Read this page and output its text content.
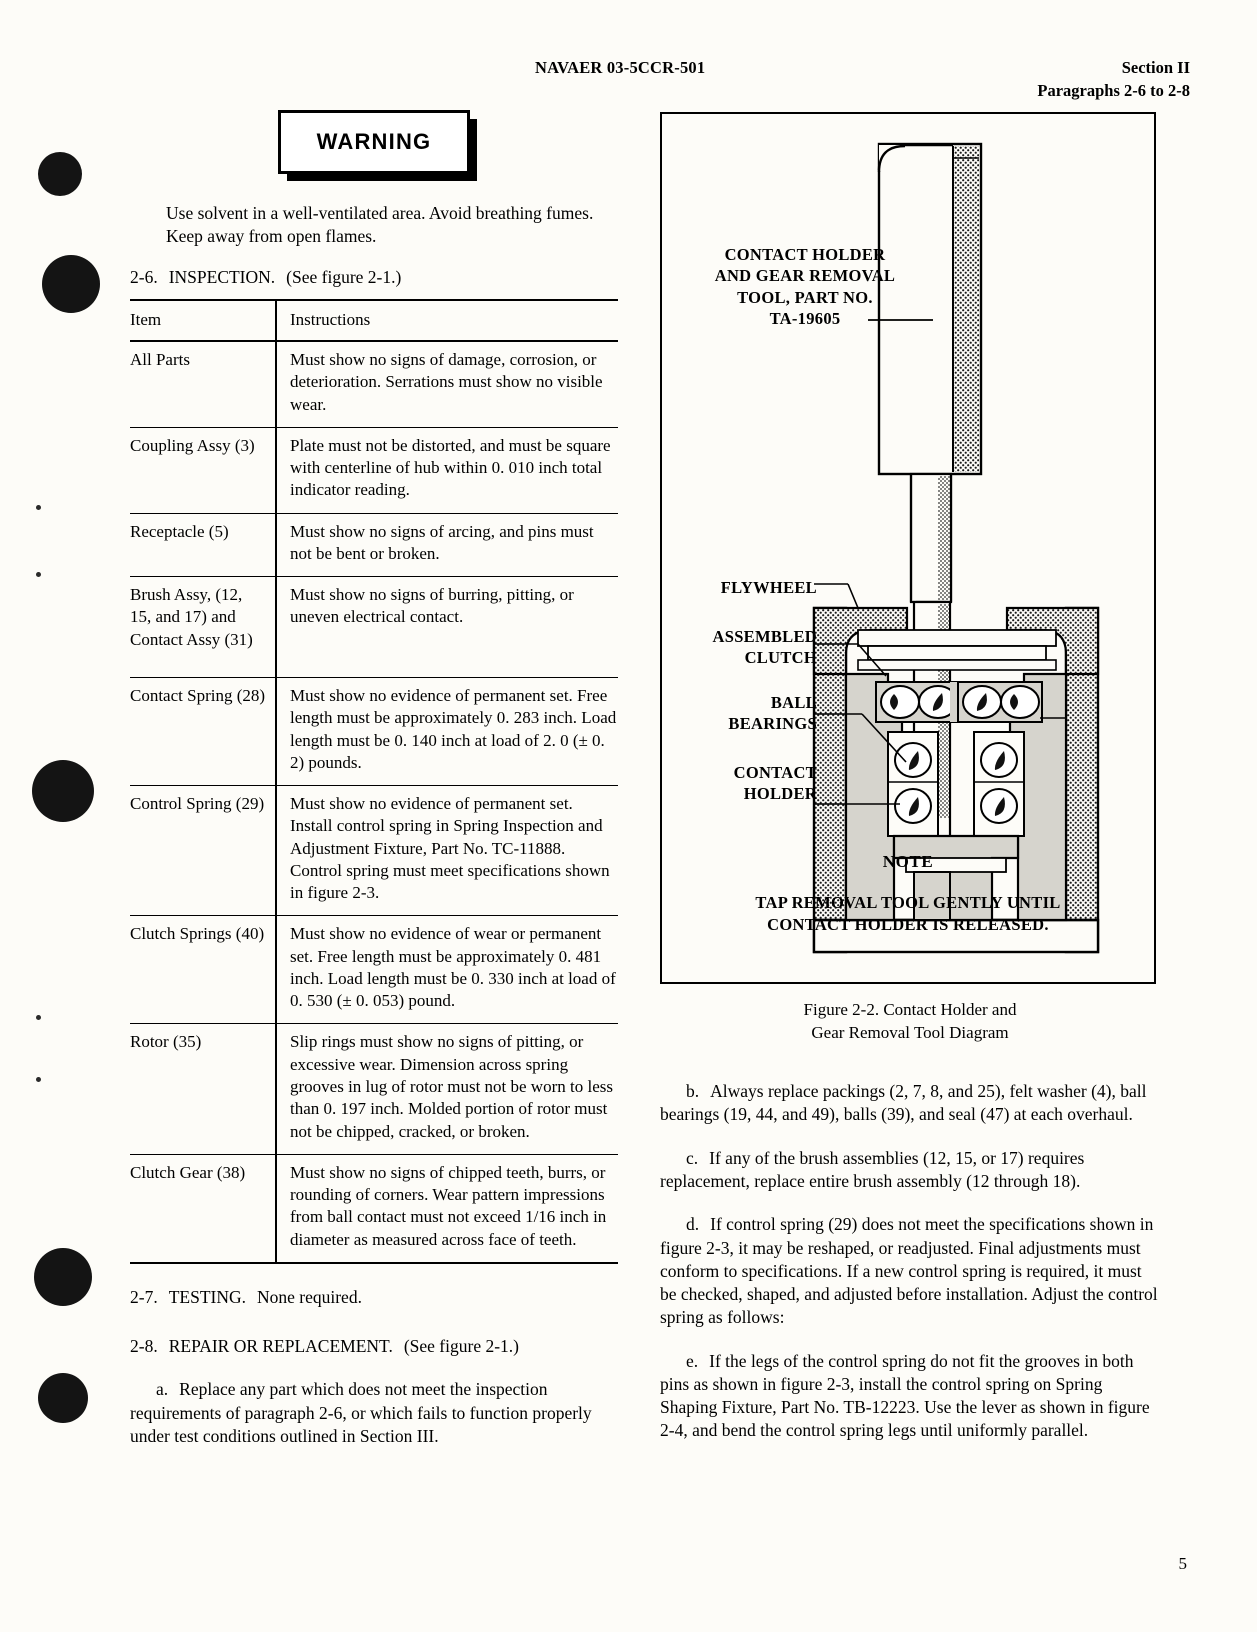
NAVAER 03-5CCR-501	Section II
Paragraphs 2-6 to 2-8
WARNING
Use solvent in a well-ventilated area. Avoid breathing fumes. Keep away from open flames.
2-6. INSPECTION. (See figure 2-1.)
Item	Instructions
All Parts	Must show no signs of damage, corrosion, or deterioration. Serrations must show no visible wear.
Coupling Assy (3)	Plate must not be distorted, and must be square with centerline of hub within 0. 010 inch total indicator reading.
Receptacle (5)	Must show no signs of arcing, and pins must not be bent or broken.
Brush Assy, (12, 15, and 17) and Contact Assy (31)	Must show no signs of burring, pitting, or uneven electrical contact.
Contact Spring (28)	Must show no evidence of permanent set. Free length must be approximately 0. 283 inch. Load length must be 0. 140 inch at load of 2. 0 (± 0. 2) pounds.
Control Spring (29)	Must show no evidence of permanent set. Install control spring in Spring Inspection and Adjustment Fixture, Part No. TC-11888. Control spring must meet specifications shown in figure 2-3.
Clutch Springs (40)	Must show no evidence of wear or permanent set. Free length must be approximately 0. 481 inch. Load length must be 0. 330 inch at load of 0. 530 (± 0. 053) pound.
Rotor (35)	Slip rings must show no signs of pitting, or excessive wear. Dimension across spring grooves in lug of rotor must not be worn to less than 0. 197 inch. Molded portion of rotor must not be chipped, cracked, or broken.
Clutch Gear (38)	Must show no signs of chipped teeth, burrs, or rounding of corners. Wear pattern impressions from ball contact must not exceed 1/16 inch in diameter as measured across face of teeth.
2-7. TESTING. None required.
2-8. REPAIR OR REPLACEMENT. (See figure 2-1.)
a. Replace any part which does not meet the inspection requirements of paragraph 2-6, or which fails to function properly under test conditions outlined in Section III.
CONTACT HOLDER
AND GEAR REMOVAL
TOOL, PART NO.
TA-19605
FLYWHEEL
ASSEMBLED
CLUTCH
BALL
BEARINGS
CONTACT
HOLDER
NOTE
TAP REMOVAL TOOL GENTLY UNTIL
CONTACT HOLDER IS RELEASED.
Figure 2-2. Contact Holder and
Gear Removal Tool Diagram
b. Always replace packings (2, 7, 8, and 25), felt washer (4), ball bearings (19, 44, and 49), balls (39), and seal (47) at each overhaul.
c. If any of the brush assemblies (12, 15, or 17) requires replacement, replace entire brush assembly (12 through 18).
d. If control spring (29) does not meet the specifications shown in figure 2-3, it may be reshaped, or readjusted. Final adjustments must conform to specifications. If a new control spring is required, it must be checked, shaped, and adjusted before installation. Adjust the control spring as follows:
e. If the legs of the control spring do not fit the grooves in both pins as shown in figure 2-3, install the control spring on Spring Shaping Fixture, Part No. TB-12223. Use the lever as shown in figure 2-4, and bend the control spring legs until uniformly parallel.
5
